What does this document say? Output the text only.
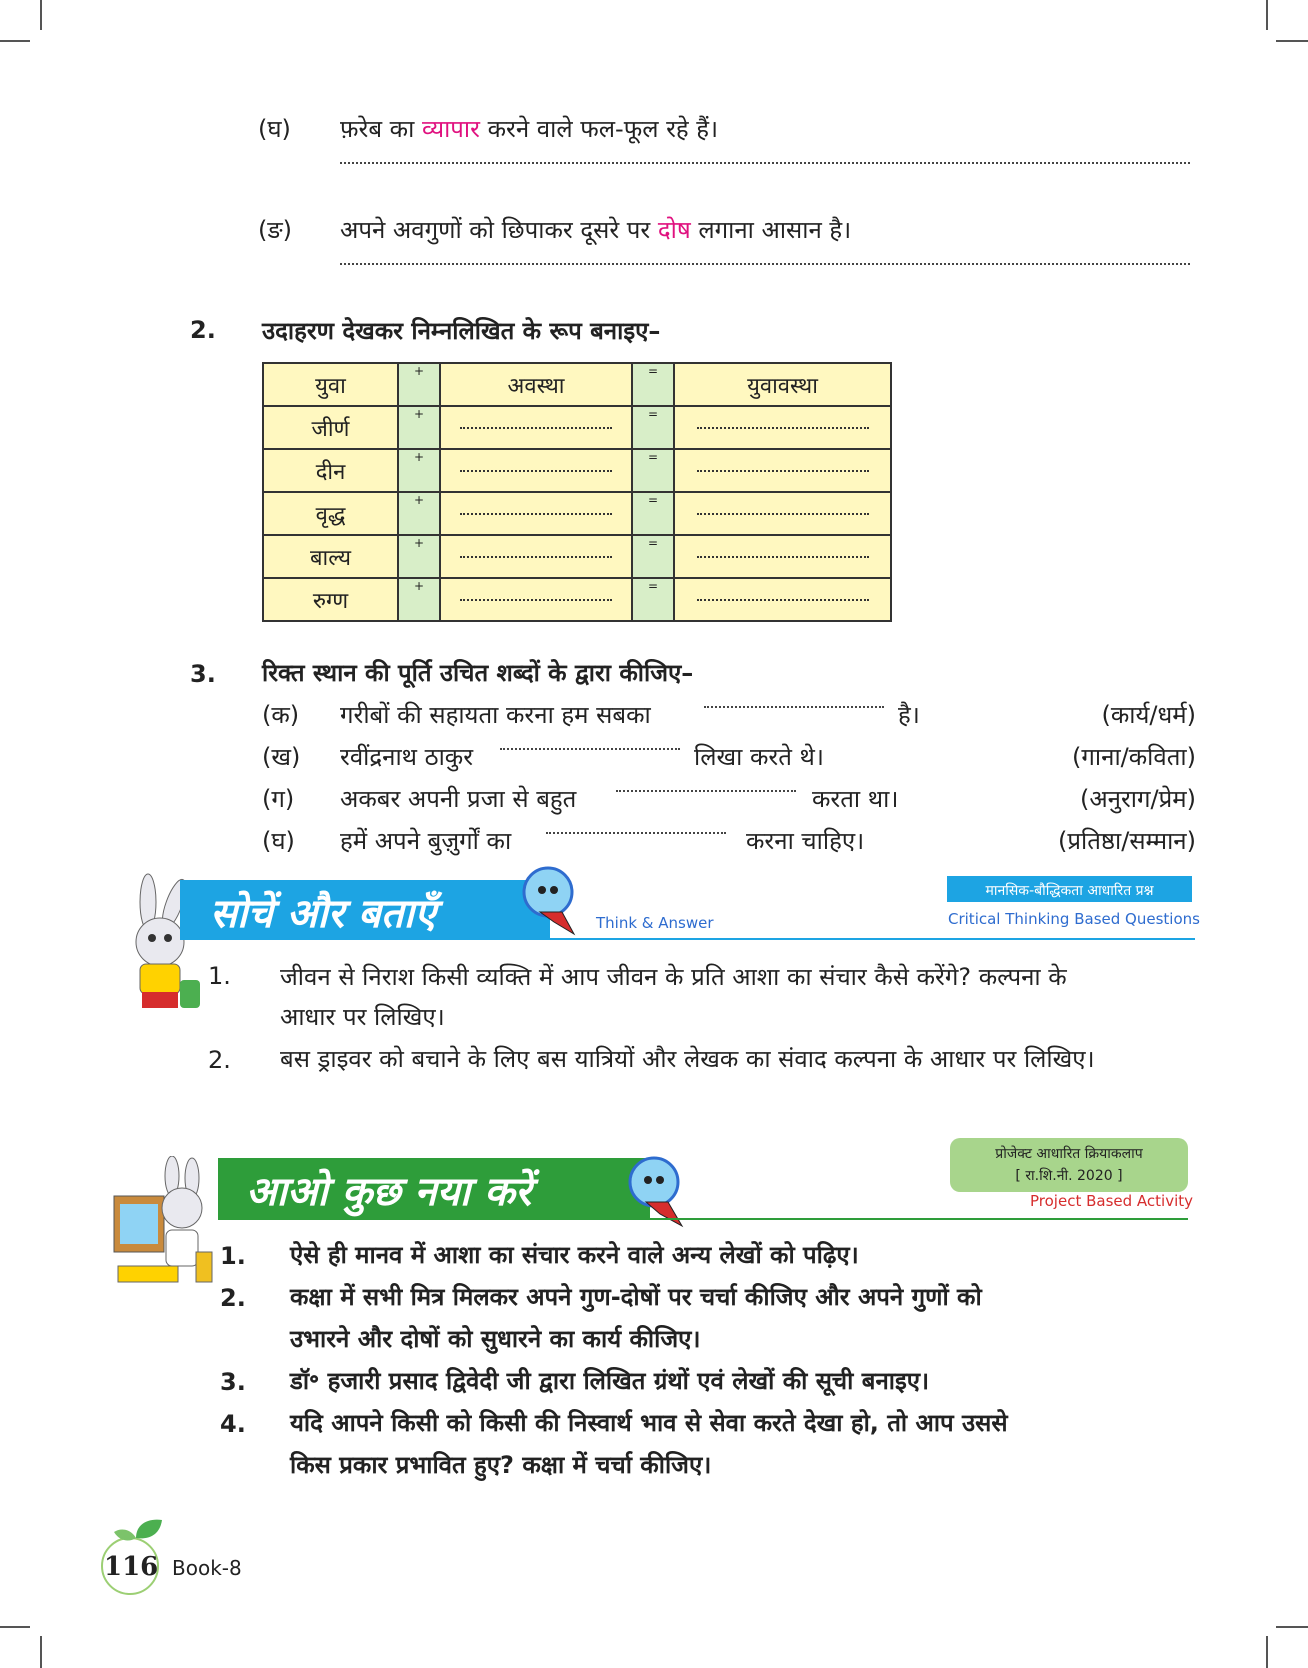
(घ) फ़रेब का व्यापार करने वाले फल-फूल रहे हैं।
(ङ) अपने अवगुणों को छिपाकर दूसरे पर दोष लगाना आसान है।
2. उदाहरण देखकर निम्नलिखित के रूप बनाइए–
युवा	+	अवस्था	=	युवावस्था
जीर्ण	+		=	
दीन	+		=	
वृद्ध	+		=	
बाल्य	+		=	
रुग्ण	+		=	
3. रिक्त स्थान की पूर्ति उचित शब्दों के द्वारा कीजिए–
(क) गरीबों की सहायता करना हम सबका	है।	(कार्य/धर्म)
(ख) रवींद्रनाथ ठाकुर	लिखा करते थे।	(गाना/कविता)
(ग) अकबर अपनी प्रजा से बहुत	करता था।	(अनुराग/प्रेम)
(घ) हमें अपने बुज़ुर्गों का	करना चाहिए।	(प्रतिष्ठा/सम्मान)
सोचें और बताएँ	Think & Answer
मानसिक-बौद्धिकता आधारित प्रश्न
Critical Thinking Based Questions
1. जीवन से निराश किसी व्यक्ति में आप जीवन के प्रति आशा का संचार कैसे करेंगे? कल्पना के
आधार पर लिखिए।
2. बस ड्राइवर को बचाने के लिए बस यात्रियों और लेखक का संवाद कल्पना के आधार पर लिखिए।
आओ कुछ नया करें
प्रोजेक्ट आधारित क्रियाकलाप
[ रा.शि.नी. 2020 ]
Project Based Activity
1. ऐसे ही मानव में आशा का संचार करने वाले अन्य लेखों को पढ़िए।
2. कक्षा में सभी मित्र मिलकर अपने गुण-दोषों पर चर्चा कीजिए और अपने गुणों को
उभारने और दोषों को सुधारने का कार्य कीजिए।
3. डॉ॰ हजारी प्रसाद द्विवेदी जी द्वारा लिखित ग्रंथों एवं लेखों की सूची बनाइए।
4. यदि आपने किसी को किसी की निस्वार्थ भाव से सेवा करते देखा हो, तो आप उससे
किस प्रकार प्रभावित हुए? कक्षा में चर्चा कीजिए।
116 Book-8
